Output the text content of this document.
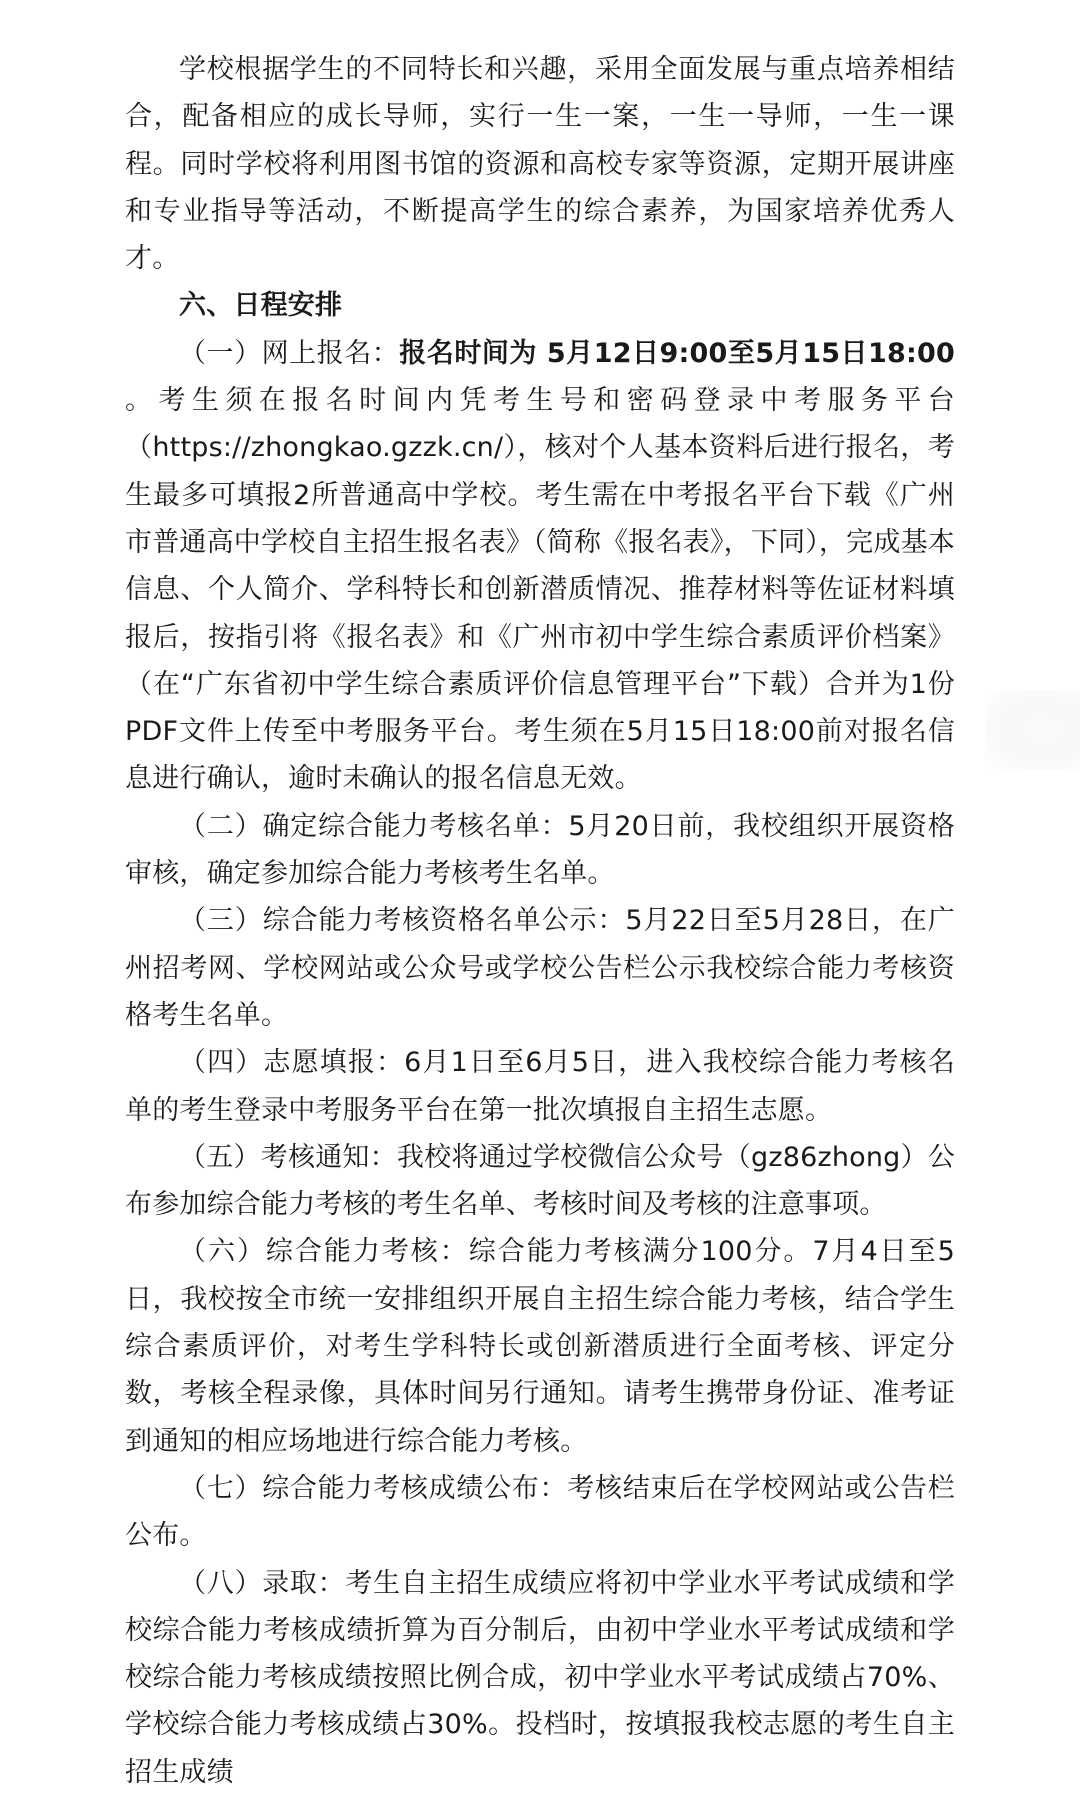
学校根据学生的不同特长和兴趣，采用全面发展与重点培养相结合，配备相应的成长导师，实行一生一案，一生一导师，一生一课程。同时学校将利用图书馆的资源和高校专家等资源，定期开展讲座和专业指导等活动，不断提高学生的综合素养，为国家培养优秀人才。

六、日程安排

（一）网上报名：报名时间为 5月12日9:00至5月15日18:00 。考生须在报名时间内凭考生号和密码登录中考服务平台（https://zhongkao.gzzk.cn/），核对个人基本资料后进行报名，考生最多可填报2所普通高中学校。考生需在中考报名平台下载《广州市普通高中学校自主招生报名表》（简称《报名表》，下同），完成基本信息、个人简介、学科特长和创新潜质情况、推荐材料等佐证材料填报后，按指引将《报名表》和《广州市初中学生综合素质评价档案》（在“广东省初中学生综合素质评价信息管理平台”下载）合并为1份PDF文件上传至中考服务平台。考生须在5月15日18:00前对报名信息进行确认，逾时未确认的报名信息无效。

（二）确定综合能力考核名单：5月20日前，我校组织开展资格审核，确定参加综合能力考核考生名单。

（三）综合能力考核资格名单公示：5月22日至5月28日，在广州招考网、学校网站或公众号或学校公告栏公示我校综合能力考核资格考生名单。

（四）志愿填报：6月1日至6月5日，进入我校综合能力考核名单的考生登录中考服务平台在第一批次填报自主招生志愿。

（五）考核通知：我校将通过学校微信公众号（gz86zhong）公布参加综合能力考核的考生名单、考核时间及考核的注意事项。

（六）综合能力考核：综合能力考核满分100分。7月4日至5日，我校按全市统一安排组织开展自主招生综合能力考核，结合学生综合素质评价，对考生学科特长或创新潜质进行全面考核、评定分数，考核全程录像，具体时间另行通知。请考生携带身份证、准考证到通知的相应场地进行综合能力考核。

（七）综合能力考核成绩公布：考核结束后在学校网站或公告栏公布。

（八）录取：考生自主招生成绩应将初中学业水平考试成绩和学校综合能力考核成绩折算为百分制后，由初中学业水平考试成绩和学校综合能力考核成绩按照比例合成，初中学业水平考试成绩占70%、学校综合能力考核成绩占30%。投档时，按填报我校志愿的考生自主招生成绩
